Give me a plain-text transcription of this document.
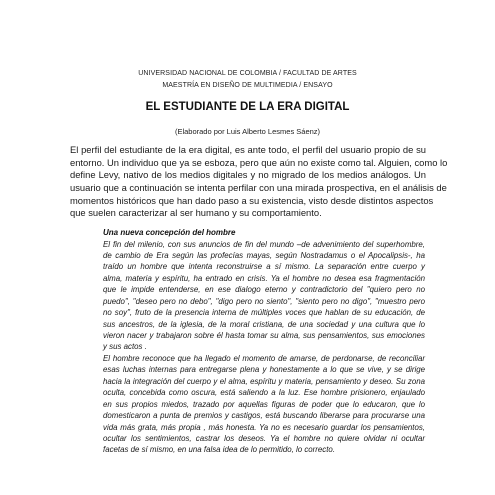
UNIVERSIDAD NACIONAL DE COLOMBIA / FACULTAD DE ARTES
MAESTRÍA EN DISEÑO DE MULTIMEDIA / ENSAYO
EL ESTUDIANTE DE LA ERA DIGITAL
(Elaborado por Luis Alberto Lesmes Sáenz)
El perfil del estudiante de la era digital, es ante todo, el perfil del usuario propio de su
entorno. Un individuo que ya se esboza, pero que aún no existe como tal. Alguien, como lo
define Levy, nativo de los medios digitales y no migrado de los medios análogos. Un
usuario que a continuación se intenta perfilar con una mirada prospectiva, en el análisis de
momentos históricos que han dado paso a su existencia, visto desde distintos aspectos
que suelen caracterizar al ser humano y su comportamiento.
Una nueva concepción del hombre
El fin del milenio, con sus anuncios de fin del mundo –de advenimiento del superhombre,
de cambio de Era según las profecías mayas, según Nostradamus o el Apocalipsis-, ha
traído un hombre que intenta reconstruirse a sí mismo. La separación entre cuerpo y
alma, materia y espíritu, ha entrado en crisis. Ya el hombre no desea esa fragmentación
que le impide entenderse, en ese dialogo eterno y contradictorio del "quiero pero no
puedo", "deseo pero no debo", "digo pero no siento", "siento pero no digo", "muestro pero
no soy", fruto de la presencia interna de múltiples voces que hablan de su educación, de
sus ancestros, de la iglesia, de la moral cristiana, de una sociedad y una cultura que lo
vieron nacer y trabajaron sobre él hasta tomar su alma, sus pensamientos, sus emociones
y sus actos .
El hombre reconoce que ha llegado el momento de amarse, de perdonarse, de reconciliar
esas luchas internas para entregarse plena y honestamente a lo que se vive, y se dirige
hacia la integración del cuerpo y el alma, espíritu y materia, pensamiento y deseo. Su zona
oculta, concebida como oscura, está saliendo a la luz. Ese hombre prisionero, enjaulado
en sus propios miedos, trazado por aquellas figuras de poder que lo educaron, que lo
domesticaron a punta de premios y castigos, está buscando liberarse para procurarse una
vida más grata, más propia , más honesta. Ya no es necesario guardar los pensamientos,
ocultar los sentimientos, castrar los deseos. Ya el hombre no quiere olvidar ni ocultar
facetas de sí mismo, en una falsa idea de lo permitido, lo correcto.
